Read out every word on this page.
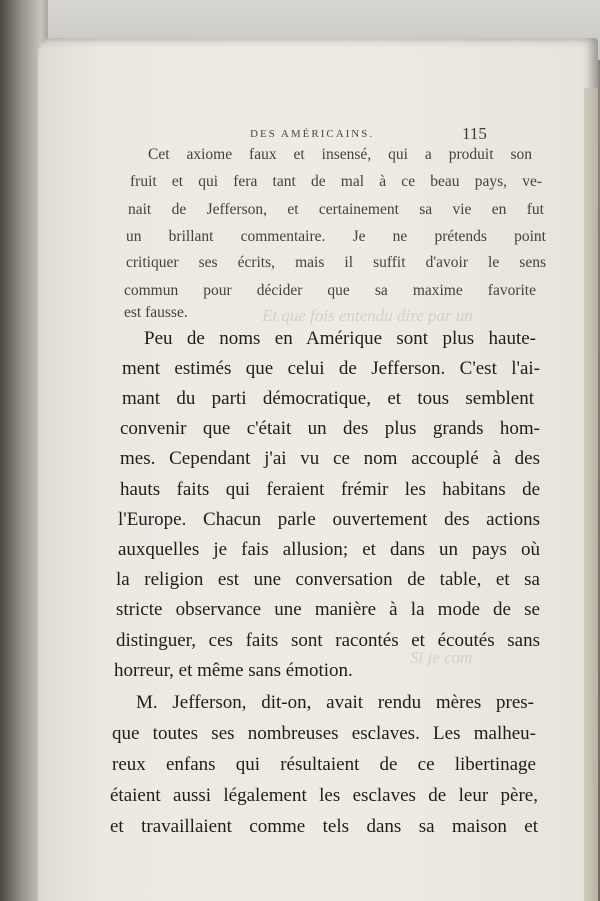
DES AMÉRICAINS.	115
Et que fois entendu dire par un
Si je com
Cet axiome faux et insensé, qui a produit son
fruit et qui fera tant de mal à ce beau pays, ve-
nait de Jefferson, et certainement sa vie en fut
un brillant commentaire. Je ne prétends point
critiquer ses écrits, mais il suffit d'avoir le sens
commun pour décider que sa maxime favorite
est fausse.
Peu de noms en Amérique sont plus haute-
ment estimés que celui de Jefferson. C'est l'ai-
mant du parti démocratique, et tous semblent
convenir que c'était un des plus grands hom-
mes. Cependant j'ai vu ce nom accouplé à des
hauts faits qui feraient frémir les habitans de
l'Europe. Chacun parle ouvertement des actions
auxquelles je fais allusion; et dans un pays où
la religion est une conversation de table, et sa
stricte observance une manière à la mode de se
distinguer, ces faits sont racontés et écoutés sans
horreur, et même sans émotion.
M. Jefferson, dit-on, avait rendu mères pres-
que toutes ses nombreuses esclaves. Les malheu-
reux enfans qui résultaient de ce libertinage
étaient aussi légalement les esclaves de leur père,
et travaillaient comme tels dans sa maison et
